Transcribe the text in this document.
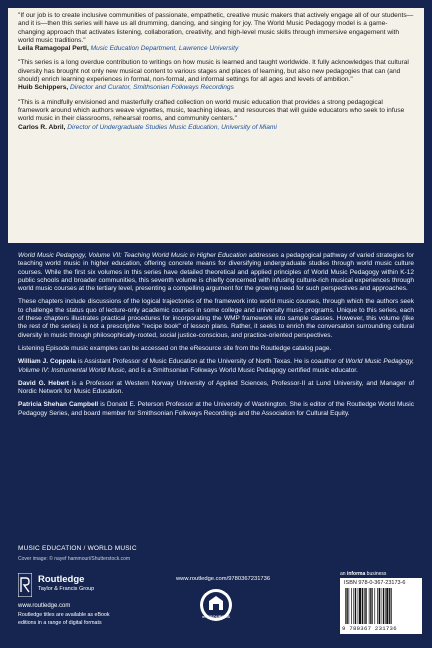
"If our job is to create inclusive communities of passionate, empathetic, creative music makers that actively engage all of our students—and it is—then this series will have us all drumming, dancing, and singing for joy. The World Music Pedagogy model is a game-changing approach that activates listening, collaboration, creativity, and high-level music skills through immersive engagement with world music traditions."

Leila Ramagopal Pertl, Music Education Department, Lawrence University

"This series is a long overdue contribution to writings on how music is learned and taught worldwide. It fully acknowledges that cultural diversity has brought not only new musical content to various stages and places of learning, but also new pedagogies that can (and should) enrich learning experiences in formal, non-formal, and informal settings for all ages and levels of ambition."

Huib Schippers, Director and Curator, Smithsonian Folkways Recordings

"This is a mindfully envisioned and masterfully crafted collection on world music education that provides a strong pedagogical framework around which authors weave vignettes, music, teaching ideas, and resources that will guide educators who seek to infuse world music in their classrooms, rehearsal rooms, and community centers."

Carlos R. Abril, Director of Undergraduate Studies Music Education, University of Miami

World Music Pedagogy, Volume VII: Teaching World Music in Higher Education addresses a pedagogical pathway of varied strategies for teaching world music in higher education, offering concrete means for diversifying undergraduate studies through world music culture courses. While the first six volumes in this series have detailed theoretical and applied principles of World Music Pedagogy within K-12 public schools and broader communities, this seventh volume is chiefly concerned with infusing culture-rich musical experiences through world music courses at the tertiary level, presenting a compelling argument for the growing need for such perspectives and approaches.

These chapters include discussions of the logical trajectories of the framework into world music courses, through which the authors seek to challenge the status quo of lecture-only academic courses in some college and university music programs. Unique to this series, each of these chapters illustrates practical procedures for incorporating the WMP framework into sample classes. However, this volume (like the rest of the series) is not a prescriptive "recipe book" of lesson plans. Rather, it seeks to enrich the conversation surrounding cultural diversity in music through philosophically-rooted, social justice-conscious, and practice-oriented perspectives.

Listening Episode music examples can be accessed on the eResource site from the Routledge catalog page.

William J. Coppola is Assistant Professor of Music Education at the University of North Texas. He is coauthor of World Music Pedagogy, Volume IV: Instrumental World Music, and is a Smithsonian Folkways World Music Pedagogy certified music educator.

David G. Hebert is a Professor at Western Norway University of Applied Sciences, Professor-II at Lund University, and Manager of Nordic Network for Music Education.

Patricia Shehan Campbell is Donald E. Peterson Professor at the University of Washington. She is editor of the Routledge World Music Pedagogy Series, and board member for Smithsonian Folkways Recordings and the Association for Cultural Equity.

MUSIC EDUCATION / WORLD MUSIC
Cover image: © nayef hammouri/Shutterstock.com
Routledge
Taylor & Francis Group
www.routledge.com
Routledge titles are available as eBook
editions in a range of digital formats
www.routledge.com/9780367231736
eRESOURCES
an informa business
ISBN 978-0-367-23173-6
9 780367 231736
